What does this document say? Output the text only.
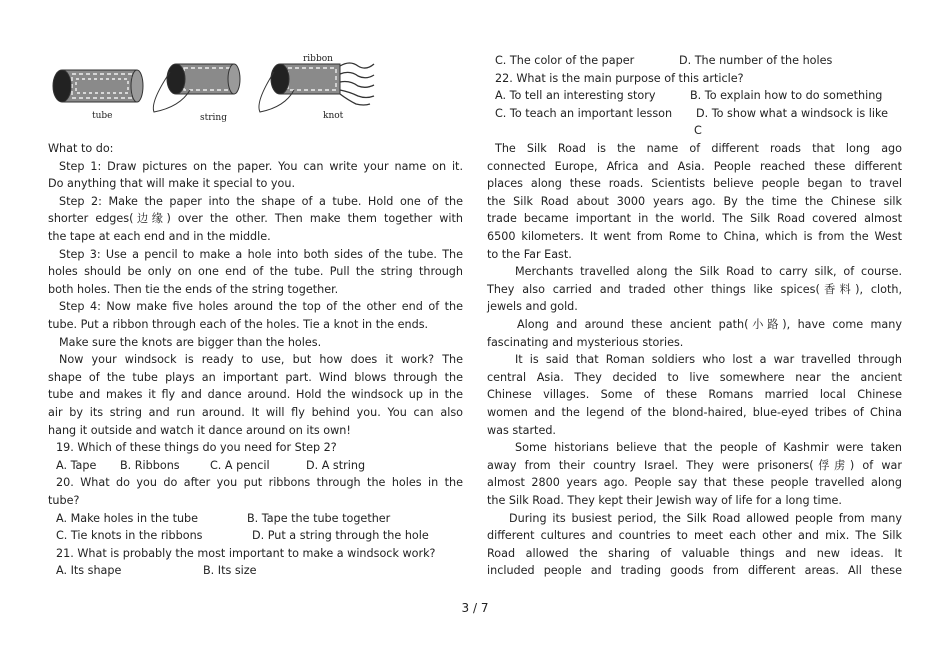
tube	string
ribbon
knot
What to do:
Step 1: Draw pictures on the paper. You can write your name on it.
Do anything that will make it special to you.
Step 2: Make the paper into the shape of a tube. Hold one of the
shorter edges(边缘) over the other. Then make them together with
the tape at each end and in the middle.
Step 3: Use a pencil to make a hole into both sides of the tube. The
holes should be only on one end of the tube. Pull the string through
both holes. Then tie the ends of the string together.
Step 4: Now make five holes around the top of the other end of the
tube. Put a ribbon through each of the holes. Tie a knot in the ends.
Make sure the knots are bigger than the holes.
Now your windsock is ready to use, but how does it work? The
shape of the tube plays an important part. Wind blows through the
tube and makes it fly and dance around. Hold the windsock up in the
air by its string and run around. It will fly behind you. You can also
hang it outside and watch it dance around on its own!
19. Which of these things do you need for Step 2?
A. Tape B. Ribbons	C. A pencil	D. A string
20. What do you do after you put ribbons through the holes in the
tube?
A. Make holes in the tube	B. Tape the tube together
C. Tie knots in the ribbons	D. Put a string through the hole
21. What is probably the most important to make a windsock work?
A. Its shape	B. Its size
C. The color of the paper	D. The number of the holes
22. What is the main purpose of this article?
A. To tell an interesting story	B. To explain how to do something
C. To teach an important lesson D. To show what a windsock is like
C
The Silk Road is the name of different roads that long ago
connected Europe, Africa and Asia. People reached these different
places along these roads. Scientists believe people began to travel
the Silk Road about 3000 years ago. By the time the Chinese silk
trade became important in the world. The Silk Road covered almost
6500 kilometers. It went from Rome to China, which is from the West
to the Far East.
Merchants travelled along the Silk Road to carry silk, of course.
They also carried and traded other things like spices(香料), cloth,
jewels and gold.
Along and around these ancient path(小路), have come many
fascinating and mysterious stories.
It is said that Roman soldiers who lost a war travelled through
central Asia. They decided to live somewhere near the ancient
Chinese villages. Some of these Romans married local Chinese
women and the legend of the blond-haired, blue-eyed tribes of China
was started.
Some historians believe that the people of Kashmir were taken
away from their country Israel. They were prisoners(俘虏) of war
almost 2800 years ago. People say that these people travelled along
the Silk Road. They kept their Jewish way of life for a long time.
During its busiest period, the Silk Road allowed people from many
different cultures and countries to meet each other and mix. The Silk
Road allowed the sharing of valuable things and new ideas. It
included people and trading goods from different areas. All these
3 / 7
